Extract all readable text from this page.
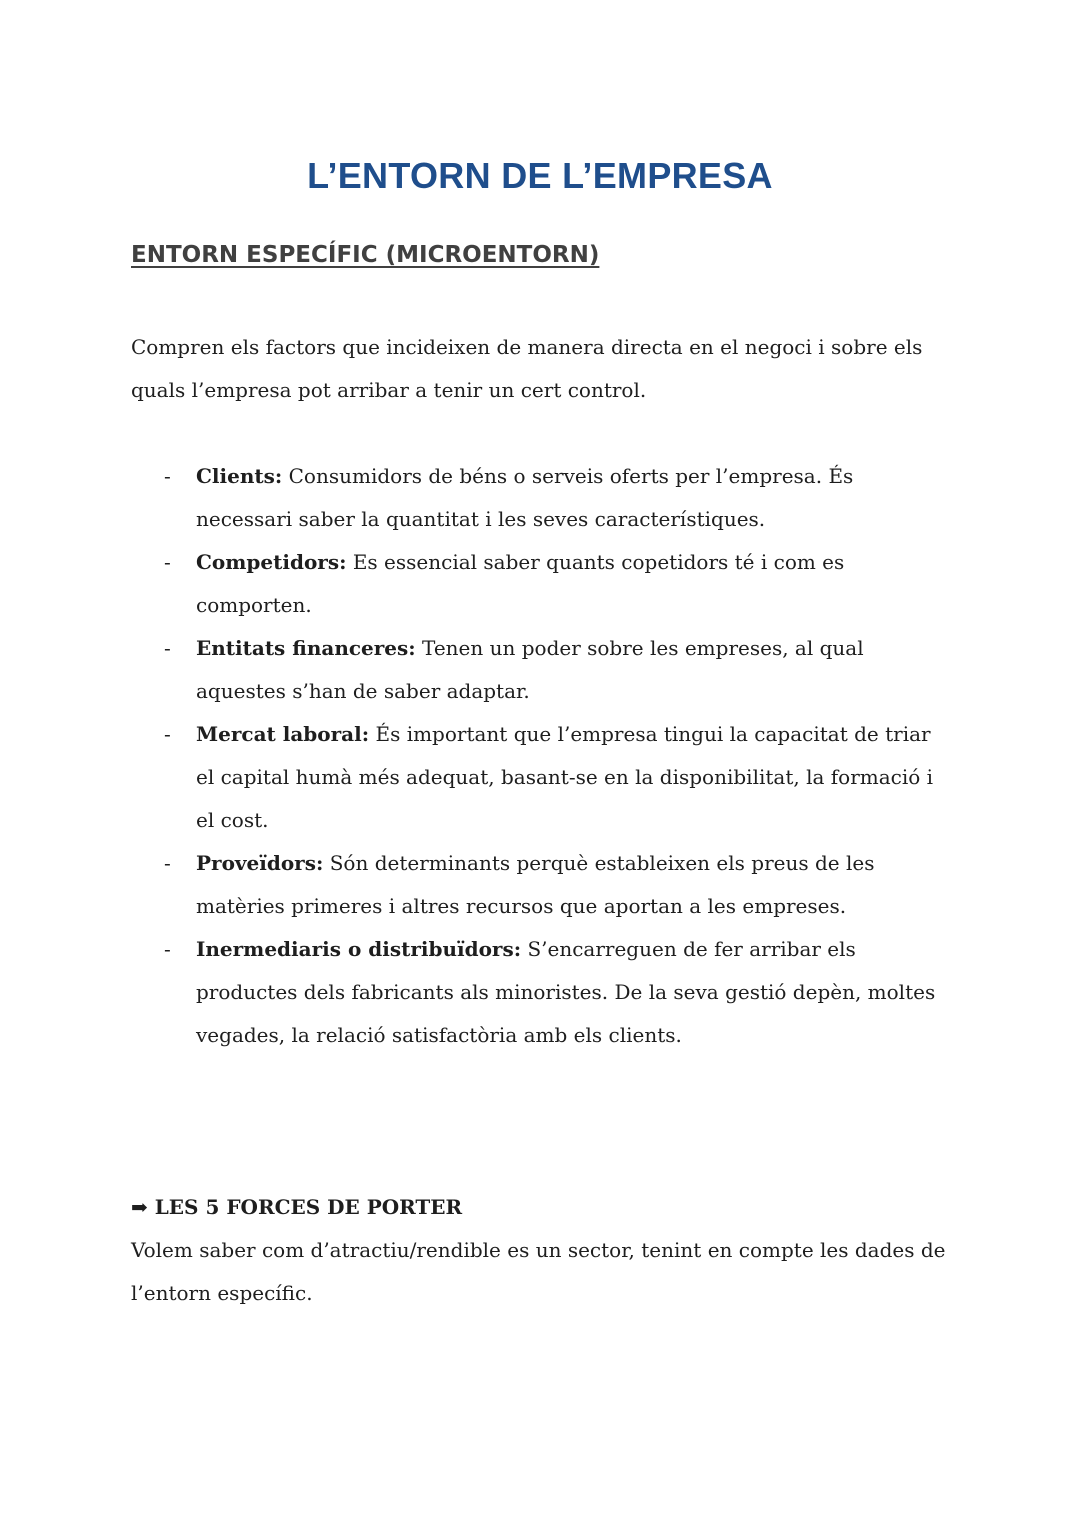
L’ENTORN DE L’EMPRESA
ENTORN ESPECÍFIC (MICROENTORN)

Compren els factors que incideixen de manera directa en el negoci i sobre els quals l’empresa pot arribar a tenir un cert control.

- Clients: Consumidors de béns o serveis oferts per l’empresa. És necessari saber la quantitat i les seves característiques.
- Competidors: Es essencial saber quants copetidors té i com es comporten.
- Entitats financeres: Tenen un poder sobre les empreses, al qual aquestes s’han de saber adaptar.
- Mercat laboral: És important que l’empresa tingui la capacitat de triar el capital humà més adequat, basant-se en la disponibilitat, la formació i el cost.
- Proveïdors: Són determinants perquè estableixen els preus de les matèries primeres i altres recursos que aportan a les empreses.
- Inermediaris o distribuïdors: S’encarreguen de fer arribar els productes dels fabricants als minoristes. De la seva gestió depèn, moltes vegades, la relació satisfactòria amb els clients.
➡ LES 5 FORCES DE PORTER

Volem saber com d’atractiu/rendible es un sector, tenint en compte les dades de l’entorn específic.
